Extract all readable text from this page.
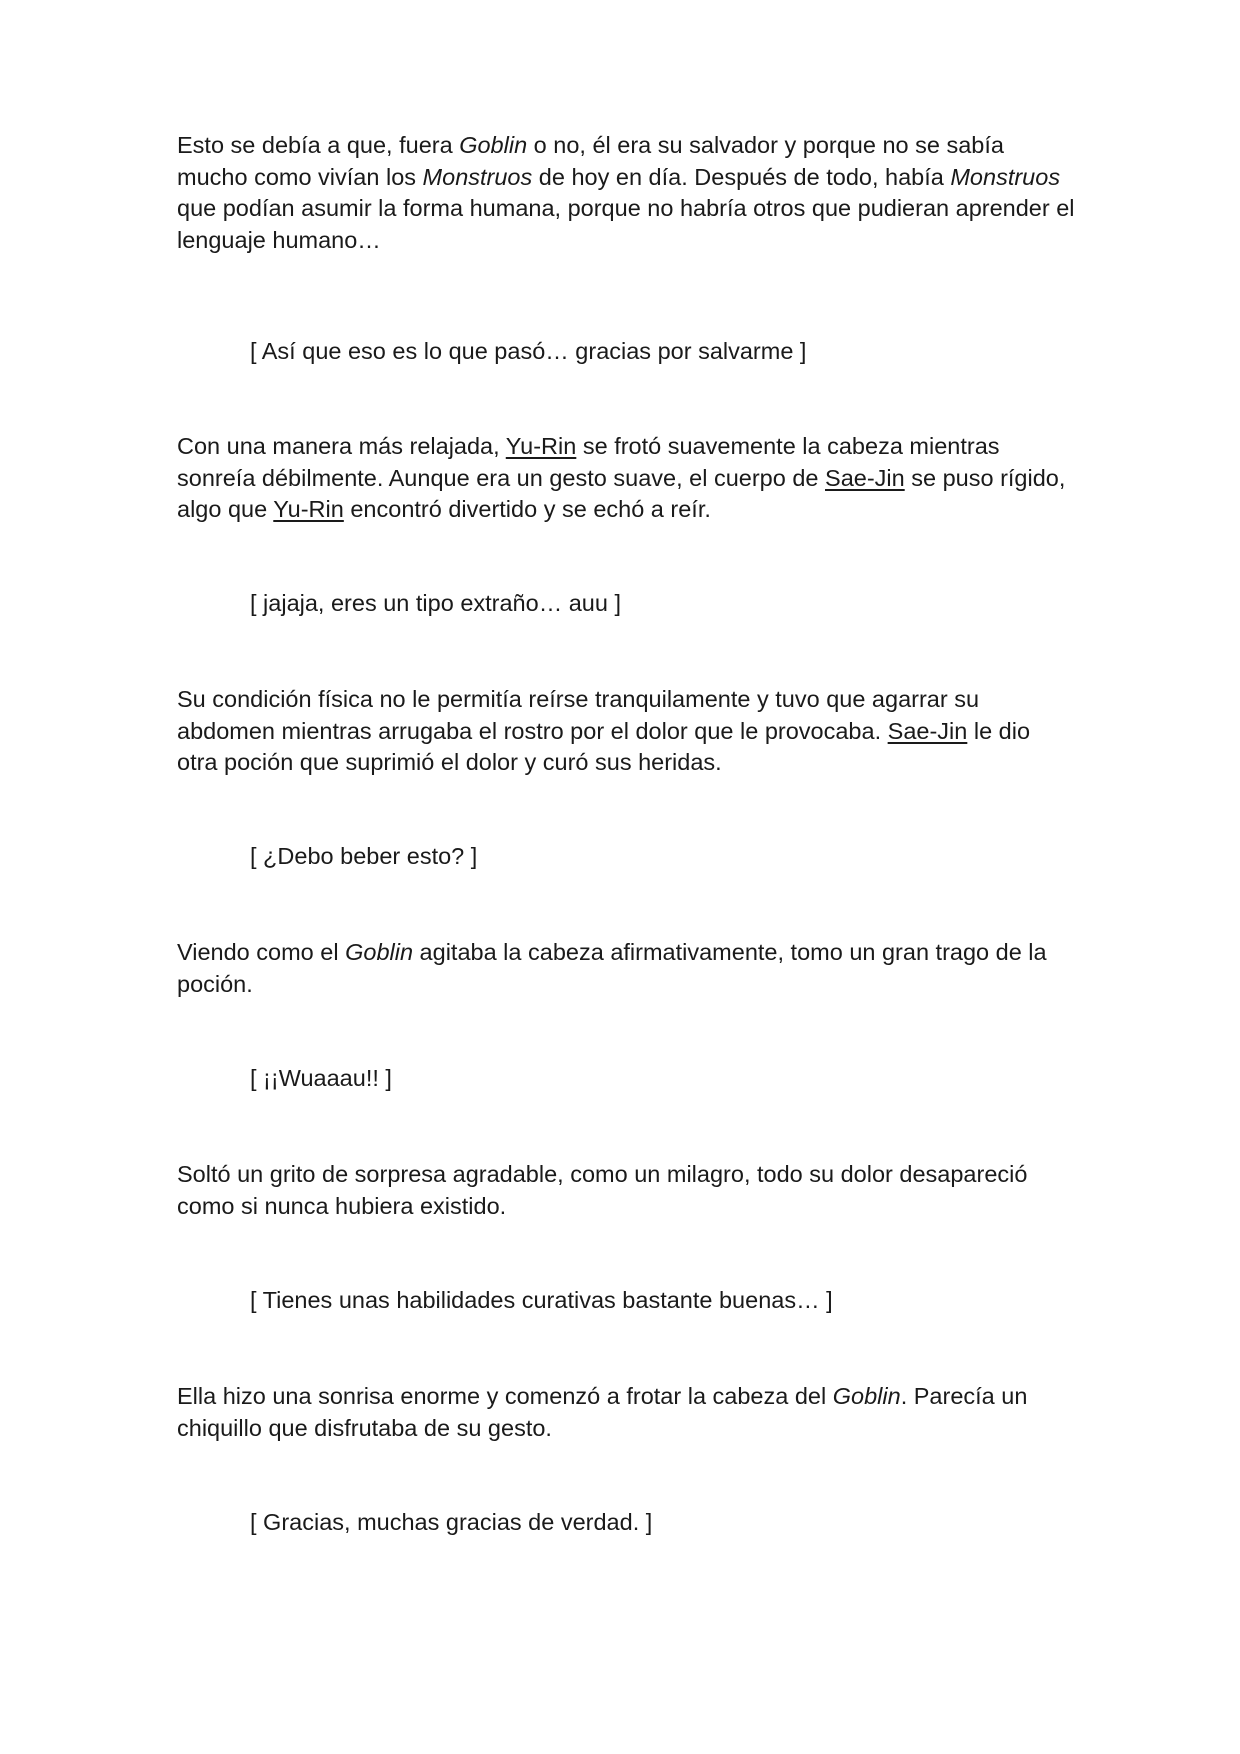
Esto se debía a que, fuera Goblin o no, él era su salvador y porque no se sabía mucho como vivían los Monstruos de hoy en día. Después de todo, había Monstruos que podían asumir la forma humana, porque no habría otros que pudieran aprender el lenguaje humano…

[ Así que eso es lo que pasó… gracias por salvarme ]

Con una manera más relajada, Yu-Rin se frotó suavemente la cabeza mientras sonreía débilmente. Aunque era un gesto suave, el cuerpo de Sae-Jin se puso rígido, algo que Yu-Rin encontró divertido y se echó a reír.

[ jajaja, eres un tipo extraño… auu ]

Su condición física no le permitía reírse tranquilamente y tuvo que agarrar su abdomen mientras arrugaba el rostro por el dolor que le provocaba. Sae-Jin le dio otra poción que suprimió el dolor y curó sus heridas.

[ ¿Debo beber esto? ]

Viendo como el Goblin agitaba la cabeza afirmativamente, tomo un gran trago de la poción.

[ ¡¡Wuaaau!! ]

Soltó un grito de sorpresa agradable, como un milagro, todo su dolor desapareció como si nunca hubiera existido.

[ Tienes unas habilidades curativas bastante buenas… ]

Ella hizo una sonrisa enorme y comenzó a frotar la cabeza del Goblin. Parecía un chiquillo que disfrutaba de su gesto.

[ Gracias, muchas gracias de verdad. ]
